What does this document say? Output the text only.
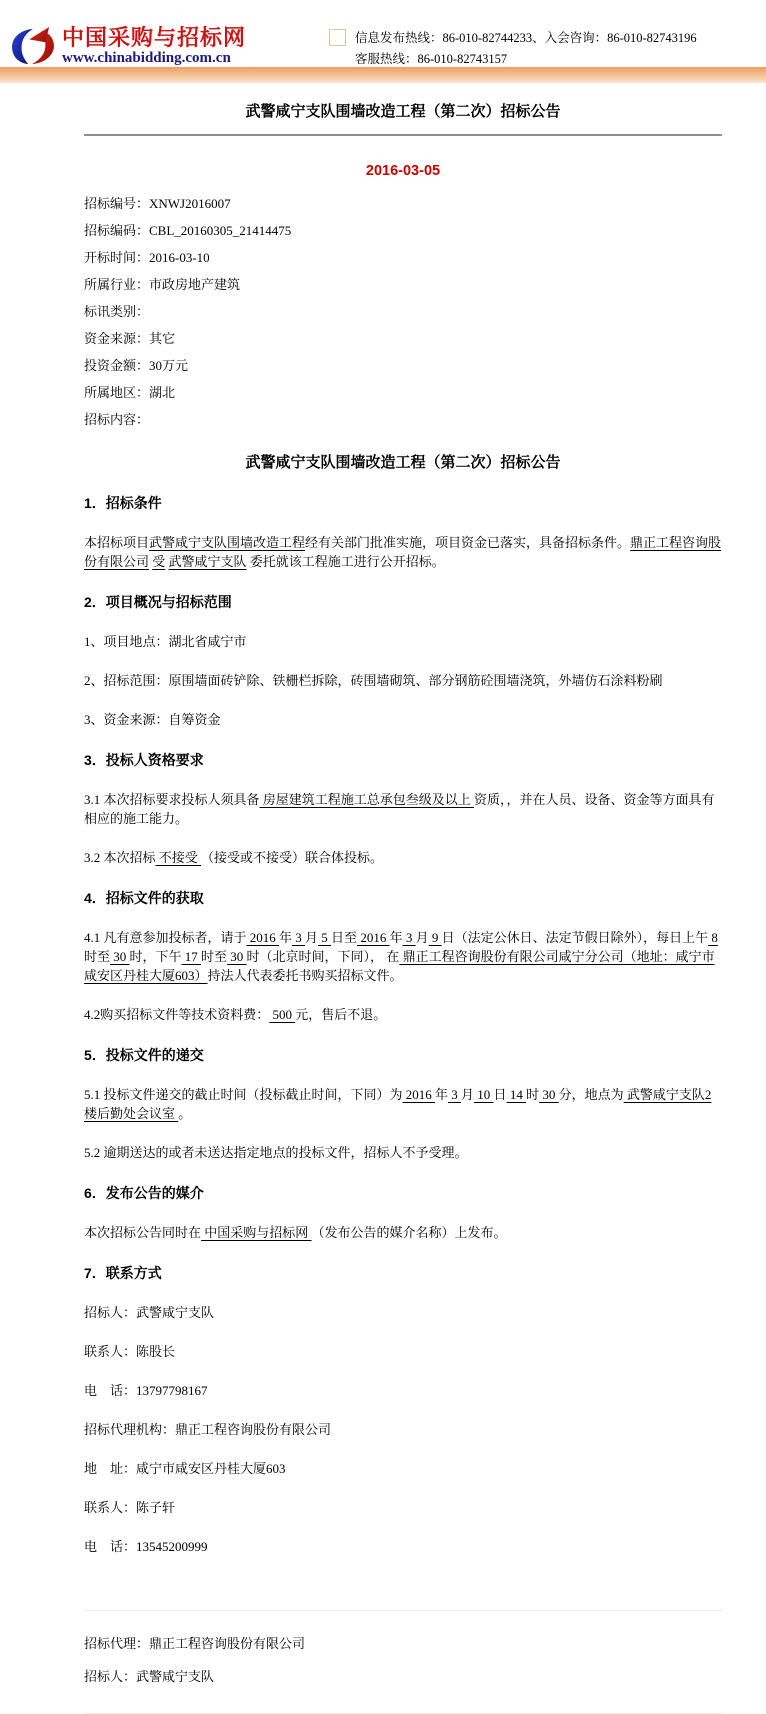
中国采购与招标网
www.chinabidding.com.cn
信息发布热线：86-010-82744233、入会咨询：86-010-82743196
客服热线：86-010-82743157
武警咸宁支队围墙改造工程（第二次）招标公告
2016-03-05
招标编号：XNWJ2016007
招标编码：CBL_20160305_21414475
开标时间：2016-03-10
所属行业：市政房地产建筑
标讯类别：
资金来源：其它
投资金额：30万元
所属地区：湖北
招标内容：
武警咸宁支队围墙改造工程（第二次）招标公告
1．招标条件

本招标项目武警咸宁支队围墙改造工程经有关部门批准实施，项目资金已落实，具备招标条件。鼎正工程咨询股份有限公司 受 武警咸宁支队 委托就该工程施工进行公开招标。

2．项目概况与招标范围

1、项目地点：湖北省咸宁市

2、招标范围：原围墙面砖铲除、铁栅栏拆除，砖围墙砌筑、部分钢筋砼围墙浇筑，外墙仿石涂料粉刷

3、资金来源：自筹资金

3．投标人资格要求

3.1 本次招标要求投标人须具备 房屋建筑工程施工总承包叁级及以上 资质，，并在人员、设备、资金等方面具有相应的施工能力。

3.2 本次招标 不接受 （接受或不接受）联合体投标。

4．招标文件的获取

4.1 凡有意参加投标者，请于 2016 年 3 月 5 日至 2016 年 3 月 9 日（法定公休日、法定节假日除外），每日上午 8 时至 30 时，下午 17 时至 30 时（北京时间，下同）， 在 鼎正工程咨询股份有限公司咸宁分公司（地址：咸宁市咸安区丹桂大厦603）持法人代表委托书购买招标文件。

4.2购买招标文件等技术资料费： 500 元，售后不退。

5．投标文件的递交

5.1 投标文件递交的截止时间（投标截止时间，下同）为 2016 年 3 月 10 日 14 时 30 分，地点为 武警咸宁支队2楼后勤处会议室 。

5.2 逾期送达的或者未送达指定地点的投标文件，招标人不予受理。

6．发布公告的媒介

本次招标公告同时在 中国采购与招标网 （发布公告的媒介名称）上发布。

7．联系方式

招标人：武警咸宁支队

联系人：陈股长

电　话：13797798167

招标代理机构：鼎正工程咨询股份有限公司

地　址：咸宁市咸安区丹桂大厦603

联系人：陈子轩

电　话：13545200999

招标代理：鼎正工程咨询股份有限公司
招标人：武警咸宁支队
